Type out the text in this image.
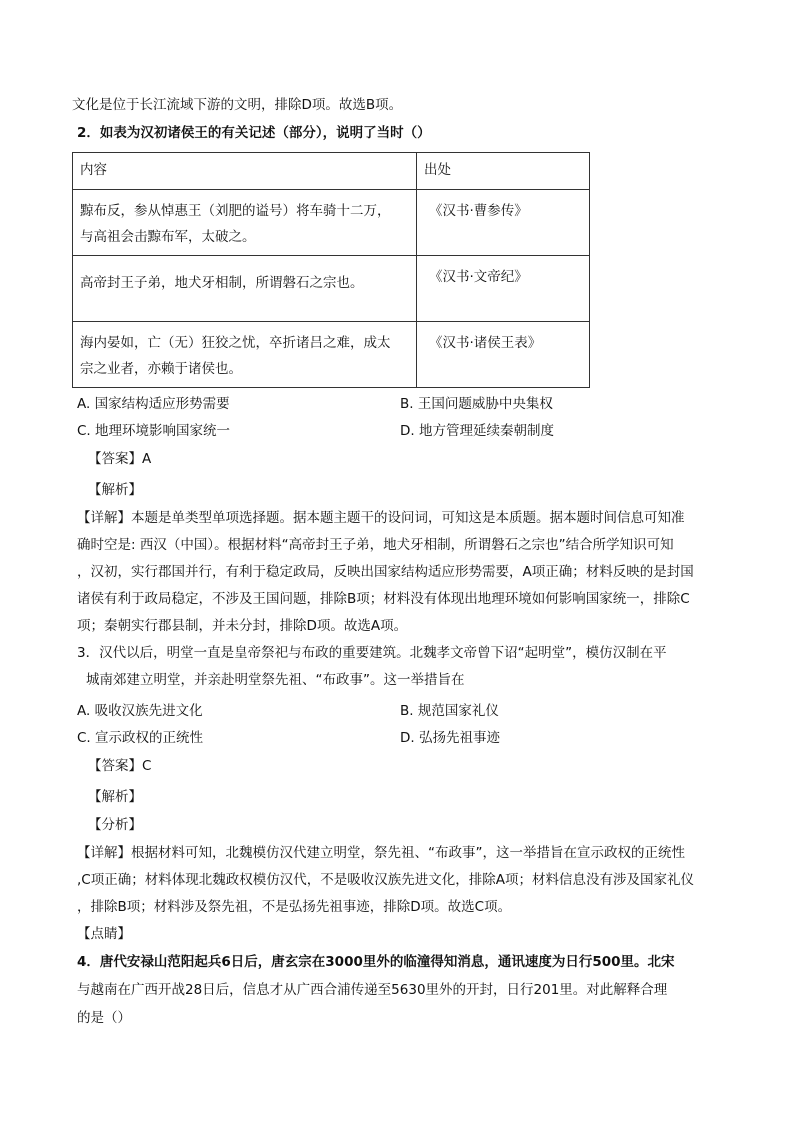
文化是位于长江流域下游的文明，排除D项。故选B项。
2．如表为汉初诸侯王的有关记述（部分），说明了当时（）
内容	出处

黥布反，参从悼惠王（刘肥的谥号）将车骑十二万，
与高祖会击黥布军，太破之。	《汉书·曹参传》

高帝封王子弟，地犬牙相制，所谓磐石之宗也。	《汉书·文帝纪》

海内晏如，亡（无）狂狡之忧，卒折诸吕之难，成太
宗之业者，亦赖于诸侯也。	《汉书·诸侯王表》
A. 国家结构适应形势需要	B. 王国问题威胁中央集权
C. 地理环境影响国家统一	D. 地方管理延续秦朝制度
【答案】A
【解析】
【详解】本题是单类型单项选择题。据本题主题干的设问词，可知这是本质题。据本题时间信息可知准
确时空是: 西汉（中国）。根据材料“高帝封王子弟，地犬牙相制，所谓磐石之宗也”结合所学知识可知
，汉初，实行郡国并行，有利于稳定政局，反映出国家结构适应形势需要，A项正确；材料反映的是封国
诸侯有利于政局稳定，不涉及王国问题，排除B项；材料没有体现出地理环境如何影响国家统一，排除C
项；秦朝实行郡县制，并未分封，排除D项。故选A项。
3．汉代以后，明堂一直是皇帝祭祀与布政的重要建筑。北魏孝文帝曾下诏“起明堂”，模仿汉制在平
城南郊建立明堂，并亲赴明堂祭先祖、“布政事”。这一举措旨在
A. 吸收汉族先进文化	B. 规范国家礼仪
C. 宣示政权的正统性	D. 弘扬先祖事迹
【答案】C
【解析】
【分析】
【详解】根据材料可知，北魏模仿汉代建立明堂，祭先祖、“布政事”，这一举措旨在宣示政权的正统性
,C项正确；材料体现北魏政权模仿汉代，不是吸收汉族先进文化，排除A项；材料信息没有涉及国家礼仪
，排除B项；材料涉及祭先祖，不是弘扬先祖事迹，排除D项。故选C项。
【点睛】
4．唐代安禄山范阳起兵6日后，唐玄宗在3000里外的临潼得知消息，通讯速度为日行500里。北宋
与越南在广西开战28日后，信息才从广西合浦传递至5630里外的开封，日行201里。对此解释合理
的是（）
